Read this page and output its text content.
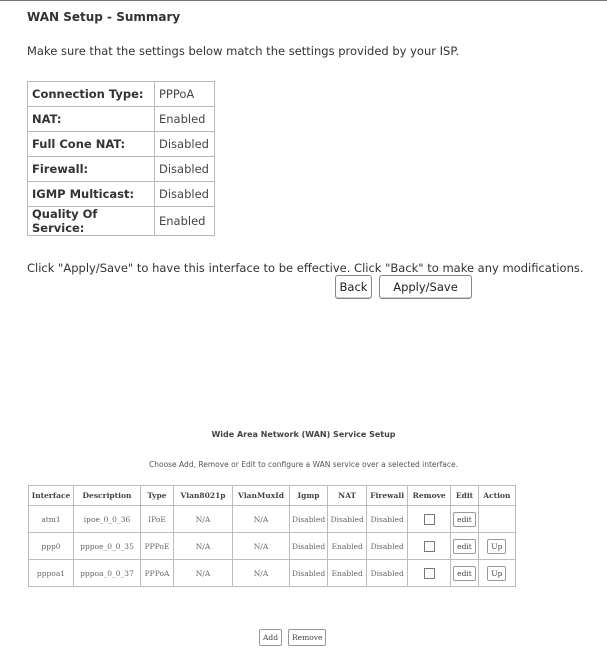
WAN Setup - Summary
Make sure that the settings below match the settings provided by your ISP.
Connection Type:	PPPoA
NAT:	Enabled
Full Cone NAT:	Disabled
Firewall:	Disabled
IGMP Multicast:	Disabled
Quality Of Service:	Enabled
Click "Apply/Save" to have this interface to be effective. Click "Back" to make any modifications.
Back	Apply/Save
Wide Area Network (WAN) Service Setup
Choose Add, Remove or Edit to configure a WAN service over a selected interface.
Interface	Description	Type	Vlan8021p	VlanMuxId	Igmp	NAT	Firewall	Remove	Edit	Action
atm1	ipoe_0_0_36	IPoE	N/A	N/A	Disabled	Disabled	Disabled		edit	
ppp0	pppoe_0_0_35	PPPoE	N/A	N/A	Disabled	Enabled	Disabled		edit	Up
pppoa1	pppoa_0_0_37	PPPoA	N/A	N/A	Disabled	Enabled	Disabled		edit	Up
Add	Remove
